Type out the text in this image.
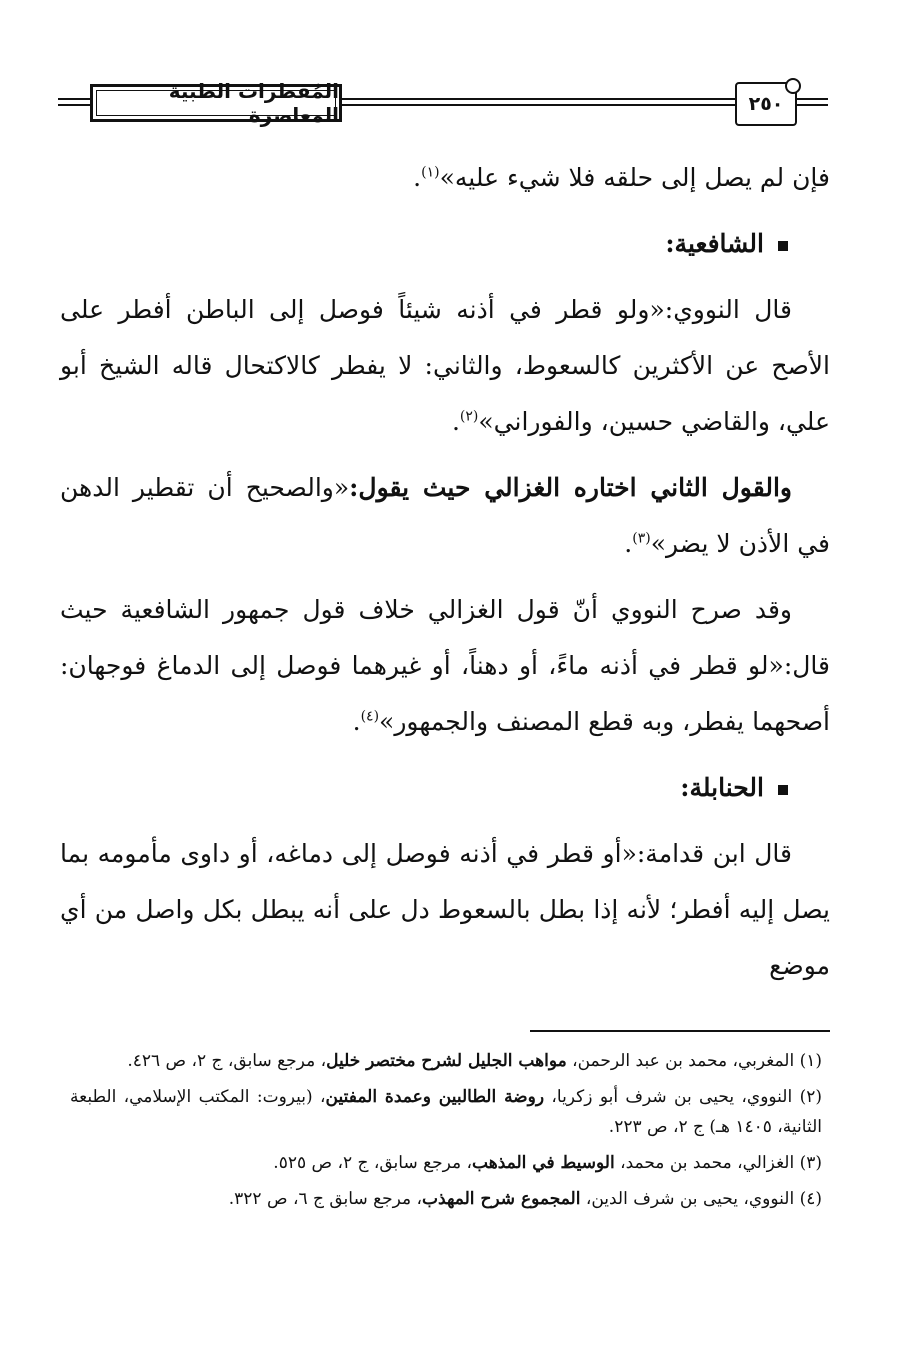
المُفطرات الطبية المعاصرة	٢٥٠

فإن لم يصل إلى حلقه فلا شيء عليه»$^{(١)}$.

الشافعية:

قال النووي:«ولو قطر في أذنه شيئاً فوصل إلى الباطن أفطر على الأصح عن الأكثرين كالسعوط، والثاني: لا يفطر كالاكتحال قاله الشيخ أبو علي، والقاضي حسين، والفوراني»$^{(٢)}$.

والقول الثاني اختاره الغزالي حيث يقول:«والصحيح أن تقطير الدهن في الأذن لا يضر»$^{(٣)}$.

وقد صرح النووي أنّ قول الغزالي خلاف قول جمهور الشافعية حيث قال:«لو قطر في أذنه ماءً، أو دهناً، أو غيرهما فوصل إلى الدماغ فوجهان: أصحهما يفطر، وبه قطع المصنف والجمهور»$^{(٤)}$.

الحنابلة:

قال ابن قدامة:«أو قطر في أذنه فوصل إلى دماغه، أو داوى مأمومه بما يصل إليه أفطر؛ لأنه إذا بطل بالسعوط دل على أنه يبطل بكل واصل من أي موضع

(١) المغربي، محمد بن عبد الرحمن، مواهب الجليل لشرح مختصر خليل، مرجع سابق، ج ٢، ص ٤٢٦.

(٢) النووي، يحيى بن شرف أبو زكريا، روضة الطالبين وعمدة المفتين، (بيروت: المكتب الإسلامي، الطبعة الثانية، ١٤٠٥ هـ) ج ٢، ص ٢٢٣.

(٣) الغزالي، محمد بن محمد، الوسيط في المذهب، مرجع سابق، ج ٢، ص ٥٢٥.

(٤) النووي، يحيى بن شرف الدين، المجموع شرح المهذب، مرجع سابق ج ٦، ص ٣٢٢.
